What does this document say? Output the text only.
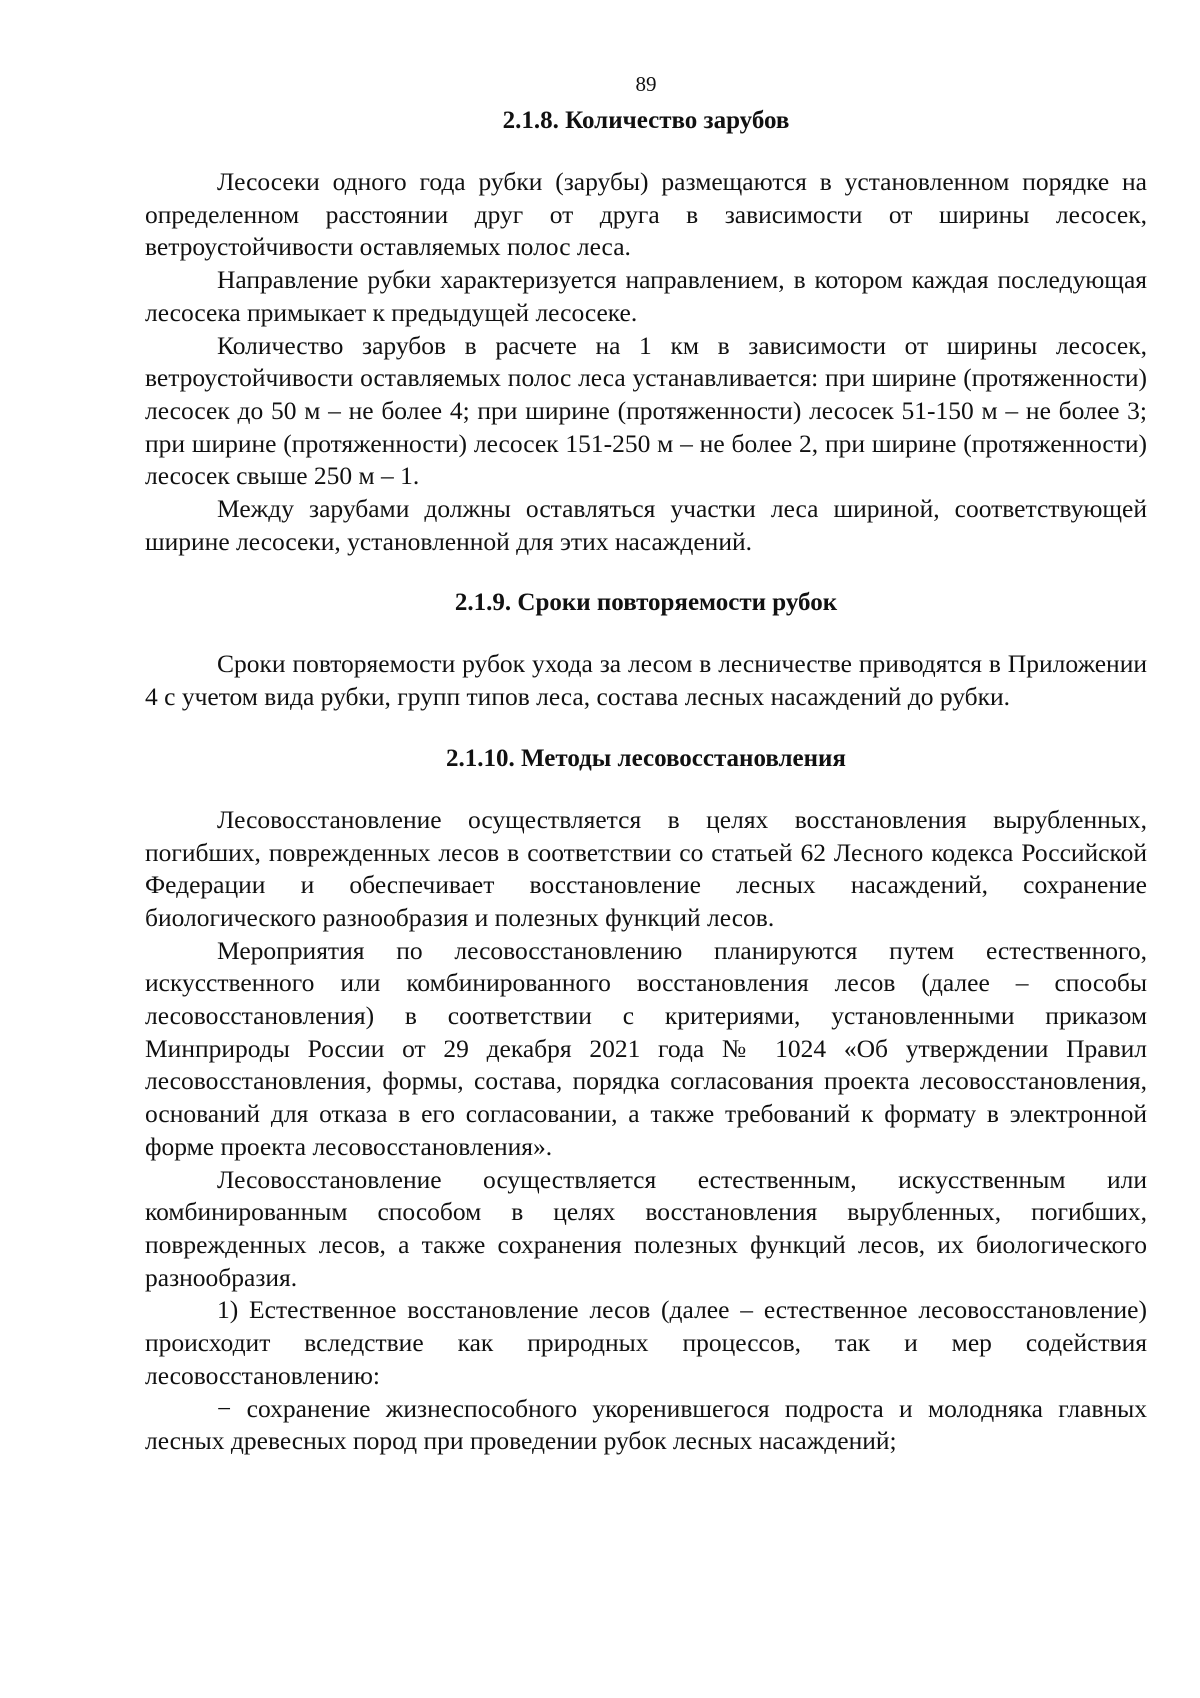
89
2.1.8. Количество зарубов

Лесосеки одного года рубки (зарубы) размещаются в установленном порядке на определенном расстоянии друг от друга в зависимости от ширины лесосек, ветроустойчивости оставляемых полос леса.

Направление рубки характеризуется направлением, в котором каждая последующая лесосека примыкает к предыдущей лесосеке.

Количество зарубов в расчете на 1 км в зависимости от ширины лесосек, ветроустойчивости оставляемых полос леса устанавливается: при ширине (протяженности) лесосек до 50 м – не более 4; при ширине (протяженности) лесосек 51-150 м – не более 3; при ширине (протяженности) лесосек 151-250 м – не более 2, при ширине (протяженности) лесосек свыше 250 м – 1.

Между зарубами должны оставляться участки леса шириной, соответствующей ширине лесосеки, установленной для этих насаждений.

2.1.9. Сроки повторяемости рубок

Сроки повторяемости рубок ухода за лесом в лесничестве приводятся в Приложении 4 с учетом вида рубки, групп типов леса, состава лесных насаждений до рубки.

2.1.10. Методы лесовосстановления

Лесовосстановление осуществляется в целях восстановления вырубленных, погибших, поврежденных лесов в соответствии со статьей 62 Лесного кодекса Российской Федерации и обеспечивает восстановление лесных насаждений, сохранение биологического разнообразия и полезных функций лесов.

Мероприятия по лесовосстановлению планируются путем естественного, искусственного или комбинированного восстановления лесов (далее – способы лесовосстановления) в соответствии с критериями, установленными приказом Минприроды России от 29 декабря 2021 года № 1024 «Об утверждении Правил лесовосстановления, формы, состава, порядка согласования проекта лесовосстановления, оснований для отказа в его согласовании, а также требований к формату в электронной форме проекта лесовосстановления».

Лесовосстановление осуществляется естественным, искусственным или комбинированным способом в целях восстановления вырубленных, погибших, поврежденных лесов, а также сохранения полезных функций лесов, их биологического разнообразия.

1) Естественное восстановление лесов (далее – естественное лесовосстановление) происходит вследствие как природных процессов, так и мер содействия лесовосстановлению:

− сохранение жизнеспособного укоренившегося подроста и молодняка главных лесных древесных пород при проведении рубок лесных насаждений;
